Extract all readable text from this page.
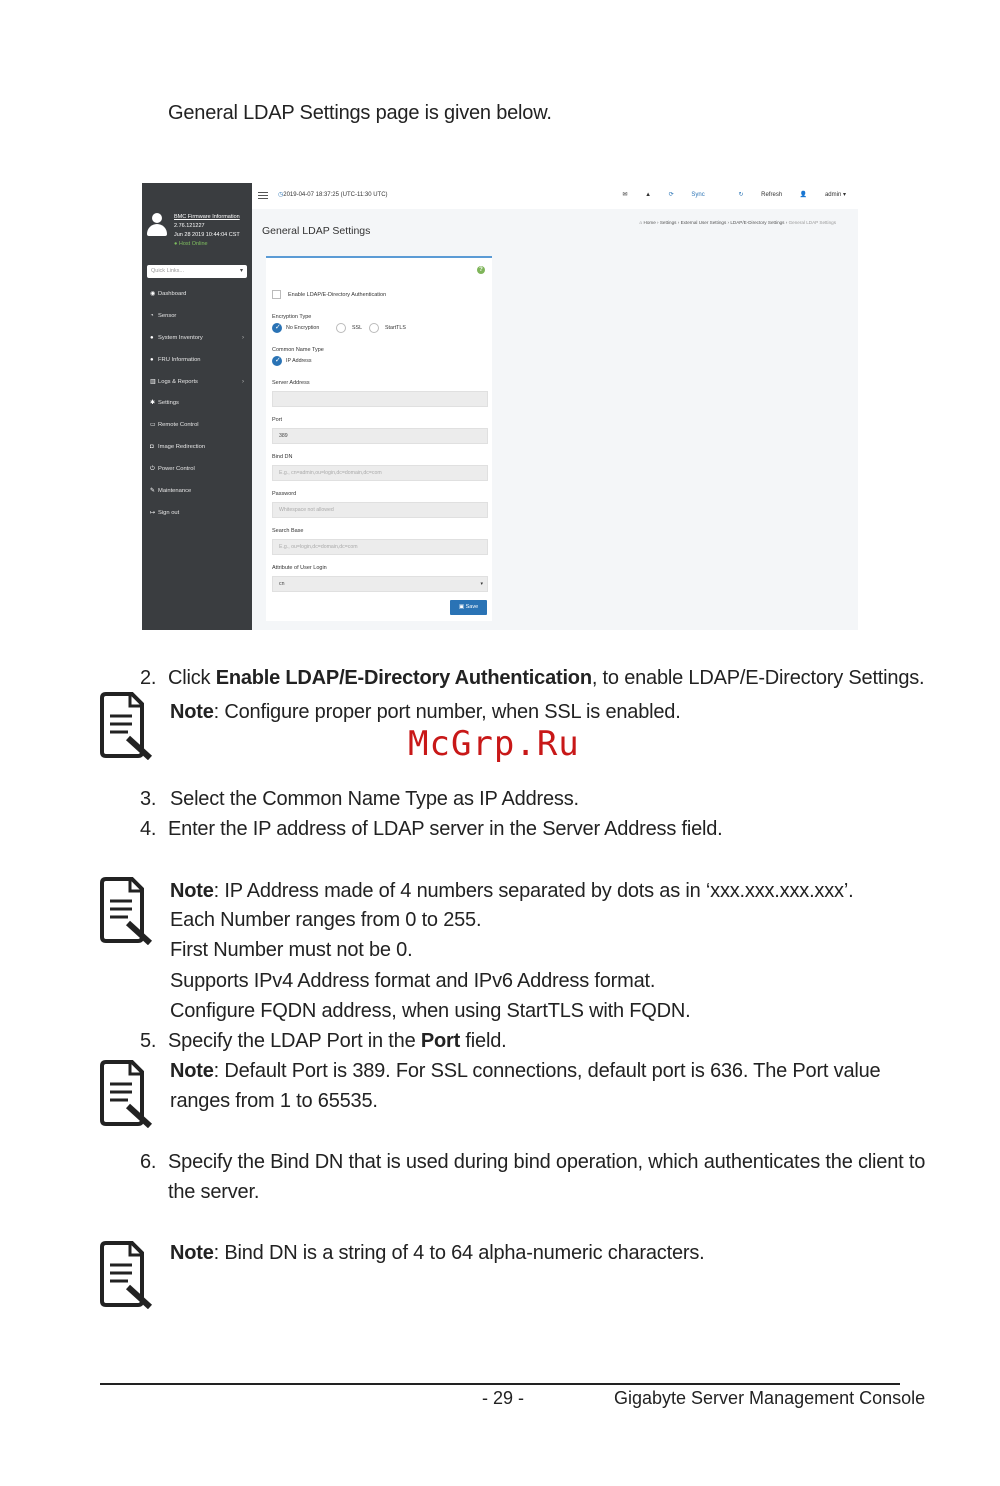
General LDAP Settings page is given below.
BMC Firmware Information
2.76.121227
Jun 28 2019 10:44:04 CST
● Host Online
Quick Links...	▾
◉ Dashboard
◔ Sensor
● System Inventory	›
● FRU Information
▥ Logs & Reports	›
✱ Settings
▭ Remote Control
◘ Image Redirection
⏻ Power Control
✎ Maintenance
↦ Sign out
◷2019-04-07 18:37:25 (UTC-11:30 UTC)	✉	▲	⟳	Sync	↻	Refresh	👤	admin ▾
General LDAP Settings
⌂ Home › Settings › External User Settings › LDAP/E-Directory Settings › General LDAP Settings
?
Enable LDAP/E-Directory Authentication
Encryption Type
✓
No Encryption	SSL	StartTLS
Common Name Type
✓
IP Address
Server Address
Port
389
Bind DN
E.g., cn=admin,ou=login,dc=domain,dc=com
Password
Whitespace not allowed
Search Base
E.g., ou=login,dc=domain,dc=com
Attribute of User Login
cn	▾
▣ Save
2. Click Enable LDAP/E-Directory Authentication, to enable LDAP/E-Directory Settings.
Note: Configure proper port number, when SSL is enabled.
McGrp.Ru
3. Select the Common Name Type as IP Address.
4. Enter the IP address of LDAP server in the Server Address field.
Note: IP Address made of 4 numbers separated by dots as in ‘xxx.xxx.xxx.xxx’.
Each Number ranges from 0 to 255.
First Number must not be 0.
Supports IPv4 Address format and IPv6 Address format.
Configure FQDN address, when using StartTLS with FQDN.
5. Specify the LDAP Port in the Port field.
Note: Default Port is 389. For SSL connections, default port is 636. The Port value
ranges from 1 to 65535.
6. Specify the Bind DN that is used during bind operation, which authenticates the client to
the server.
Note: Bind DN is a string of 4 to 64 alpha-numeric characters.
- 29 -	Gigabyte Server Management Console
